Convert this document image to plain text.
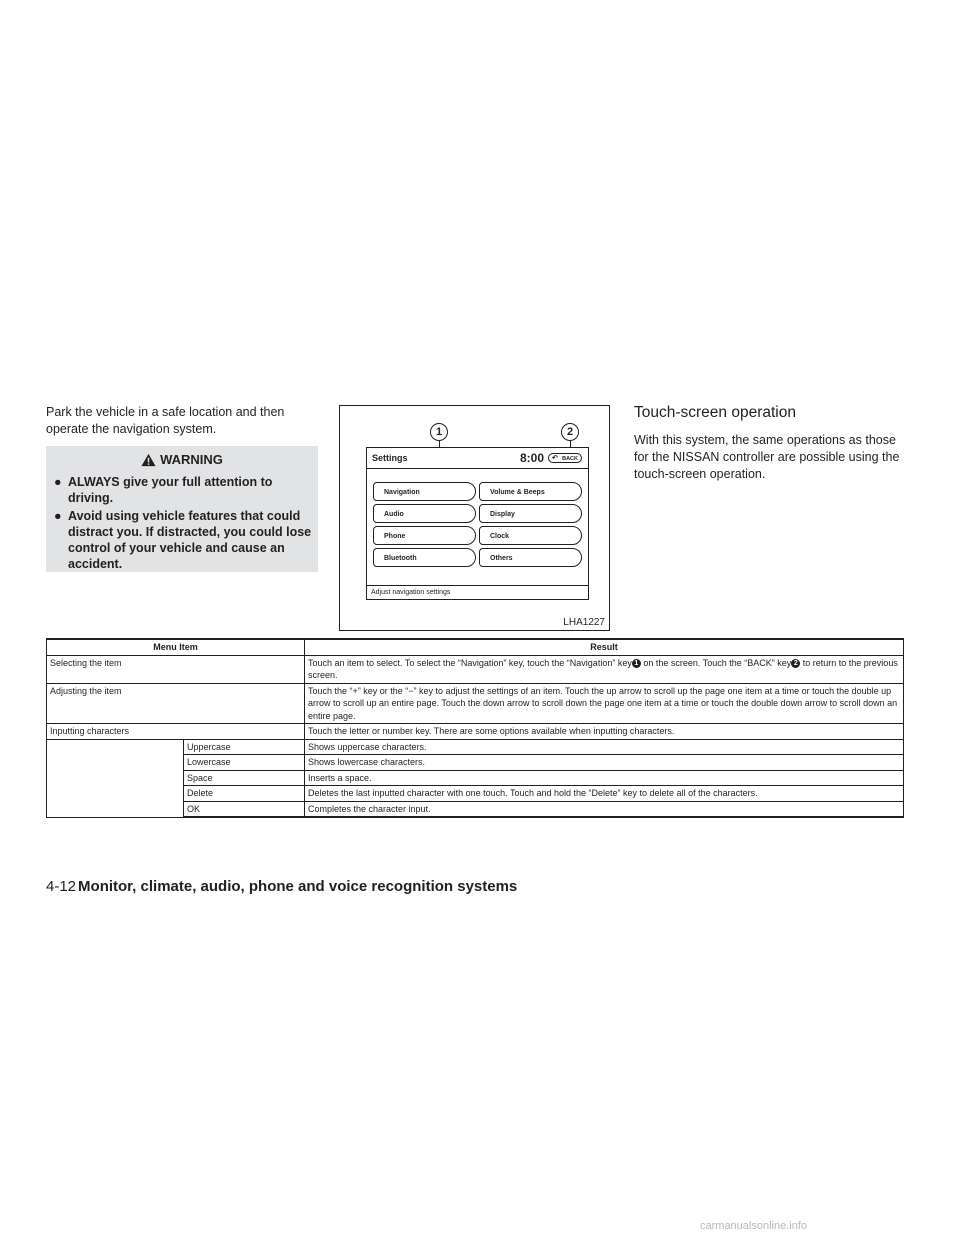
Park the vehicle in a safe location and then operate the navigation system.
WARNING
● ALWAYS give your full attention to driving.
● Avoid using vehicle features that could distract you. If distracted, you could lose control of your vehicle and cause an accident.
1	2
Settings	8:00 ↶ BACK
Navigation
Audio
Phone
Bluetooth
Volume & Beeps
Display
Clock
Others
Adjust navigation settings
LHA1227
Touch-screen operation
With this system, the same operations as those for the NISSAN controller are possible using the touch-screen operation.
Menu Item		Result
Selecting the item		Touch an item to select. To select the “Navigation” key, touch the “Navigation” key 1 on the screen. Touch the “BACK” key 2 to return to the previous screen.
Adjusting the item		Touch the “+” key or the “−” key to adjust the settings of an item. Touch the up arrow to scroll up the page one item at a time or touch the double up arrow to scroll up an entire page. Touch the down arrow to scroll down the page one item at a time or touch the double down arrow to scroll down an entire page.
Inputting characters		Touch the letter or number key. There are some options available when inputting characters.
	Uppercase	Shows uppercase characters.
	Lowercase	Shows lowercase characters.
	Space	Inserts a space.
	Delete	Deletes the last inputted character with one touch. Touch and hold the “Delete” key to delete all of the characters.
	OK	Completes the character input.
4-12 Monitor, climate, audio, phone and voice recognition systems
carmanualsonline.info
